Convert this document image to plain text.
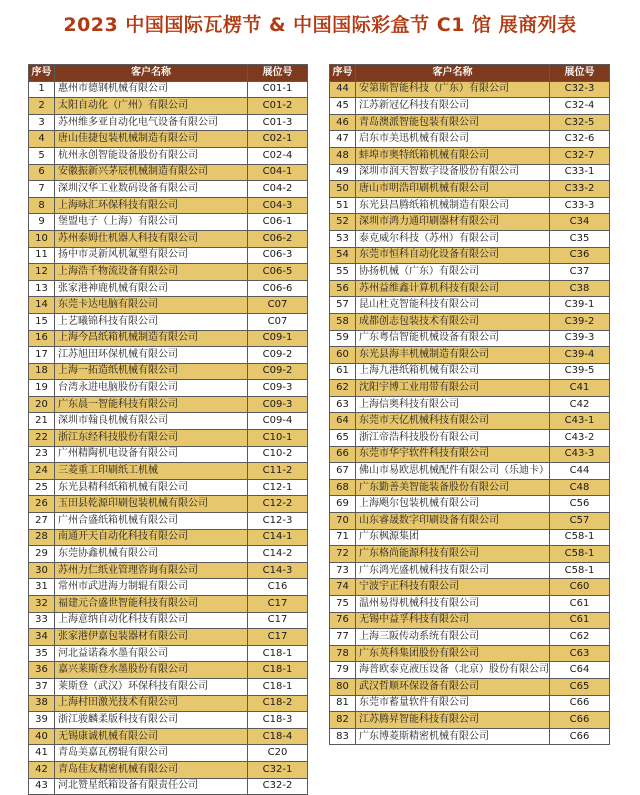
2023 中国国际瓦楞节 & 中国国际彩盒节 C1 馆 展商列表
序号	客户名称	展位号
1	惠州市德钢机械有限公司	C01-1
2	太阳自动化（广州）有限公司	C01-2
3	苏州维多亚自动化电气设备有限公司	C01-3
4	唐山佳捷包装机械制造有限公司	C02-1
5	杭州永创智能设备股份有限公司	C02-4
6	安徽振新兴茅辰机械制造有限公司	C04-1
7	深圳汉华工业数码设备有限公司	C04-2
8	上海咏汇环保科技有限公司	C04-3
9	堡盟电子（上海）有限公司	C06-1
10	苏州泰姆仕机器人科技有限公司	C06-2
11	扬中市灵新风机氟塑有限公司	C06-3
12	上海浩千物流设备有限公司	C06-5
13	张家港神鹿机械有限公司	C06-6
14	东莞卡达电脑有限公司	C07
15	上艺曦锦科技有限公司	C07
16	上海今昌纸箱机械制造有限公司	C09-1
17	江苏旭田环保机械有限公司	C09-2
18	上海一拓造纸机械有限公司	C09-2
19	台湾永进电脑股份有限公司	C09-3
20	广东晨一智能科技有限公司	C09-3
21	深圳市翰良机械有限公司	C09-4
22	浙江东经科技股份有限公司	C10-1
23	广州精陶机电设备有限公司	C10-2
24	三菱重工印刷纸工机械	C11-2
25	东光县精科纸箱机械有限公司	C12-1
26	玉田县乾源印刷包装机械有限公司	C12-2
27	广州合盛纸箱机械有限公司	C12-3
28	南通开天自动化科技有限公司	C14-1
29	东莞协鑫机械有限公司	C14-2
30	苏州力仁纸业管理咨询有限公司	C14-3
31	常州市武进海力制辊有限公司	C16
32	福建元合盛世智能科技有限公司	C17
33	上海意纳自动化科技有限公司	C17
34	张家港伊嘉包装器材有限公司	C17
35	河北益诺森水墨有限公司	C18-1
36	嘉兴莱斯登水墨股份有限公司	C18-1
37	莱斯登（武汉）环保科技有限公司	C18-1
38	上海村田激光技术有限公司	C18-2
39	浙江骏麟柔版科技有限公司	C18-3
40	无锡康诚机械有限公司	C18-4
41	青岛美嘉瓦楞辊有限公司	C20
42	青岛佳友精密机械有限公司	C32-1
43	河北赞星纸箱设备有限责任公司	C32-2
序号	客户名称	展位号
44	安第斯智能科技（广东）有限公司	C32-3
45	江苏新冠亿科技有限公司	C32-4
46	青岛澳派智能包装有限公司	C32-5
47	启东市美迅机械有限公司	C32-6
48	蚌埠市奥特纸箱机械有限公司	C32-7
49	深圳市润天智数字设备股份有限公司	C33-1
50	唐山市明浩印刷机械有限公司	C33-2
51	东光县昌腾纸箱机械制造有限公司	C33-3
52	深圳市鸿力通印刷器材有限公司	C34
53	泰克威尔科技（苏州）有限公司	C35
54	东莞市恒科自动化设备有限公司	C36
55	协扬机械（广东）有限公司	C37
56	苏州益维鑫计算机科技有限公司	C38
57	昆山杜克智能科技有限公司	C39-1
58	成都创志包装技术有限公司	C39-2
59	广东粤信智能机械设备有限公司	C39-3
60	东光县海丰机械制造有限公司	C39-4
61	上海九港纸箱机械有限公司	C39-5
62	沈阳宇博工业用带有限公司	C41
63	上海信奥科技有限公司	C42
64	东莞市天亿机械科技有限公司	C43-1
65	浙江帝浩科技股份有限公司	C43-2
66	东莞市华宇软件科技有限公司	C43-3
67	佛山市易欧思机械配件有限公司（乐迪卡）	C44
68	广东勤善美智能装备股份有限公司	C48
69	上海飓尔包装机械有限公司	C56
70	山东睿晟数字印刷设备有限公司	C57
71	广东枫源集团	C58-1
72	广东格尚能源科技有限公司	C58-1
73	广东鸿光盛机械科技有限公司	C58-1
74	宁波宇正科技有限公司	C60
75	温州易得机械科技有限公司	C61
76	无锡中益孚科技有限公司	C61
77	上海三阪传动系统有限公司	C62
78	广东英科集团股份有限公司	C63
79	海普欧泰克液压设备（北京）股份有限公司	C64
80	武汉哲顺环保设备有限公司	C65
81	东莞市蓄量软件有限公司	C66
82	江苏腾昇智能科技有限公司	C66
83	广东博菱斯精密机械有限公司	C66
